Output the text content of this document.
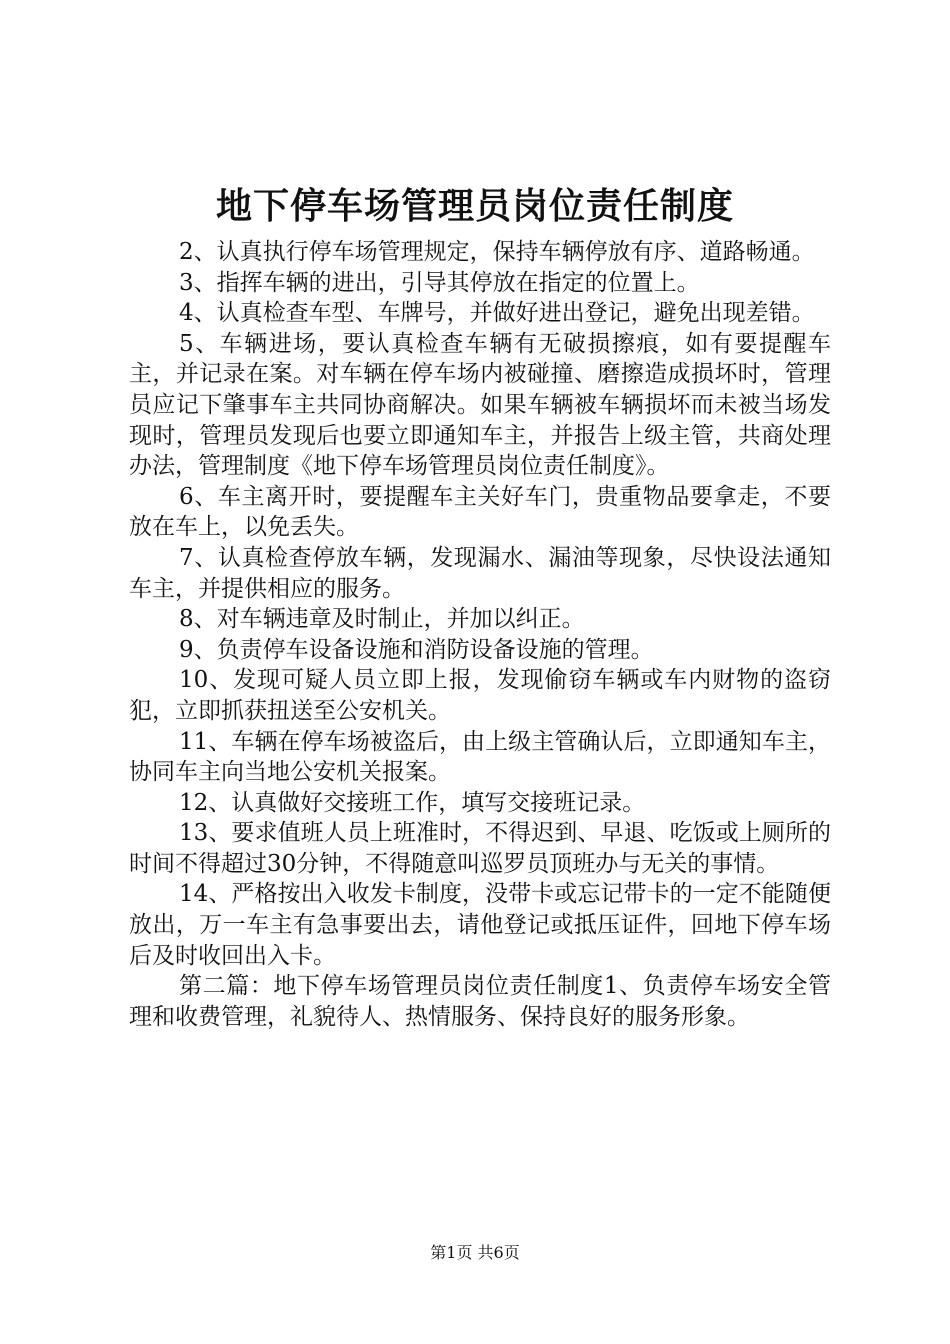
地下停车场管理员岗位责任制度

2、认真执行停车场管理规定，保持车辆停放有序、道路畅通。

3、指挥车辆的进出，引导其停放在指定的位置上。

4、认真检查车型、车牌号，并做好进出登记，避免出现差错。

5、车辆进场，要认真检查车辆有无破损擦痕，如有要提醒车主，并记录在案。对车辆在停车场内被碰撞、磨擦造成损坏时，管理员应记下肇事车主共同协商解决。如果车辆被车辆损坏而未被当场发现时，管理员发现后也要立即通知车主，并报告上级主管，共商处理办法，管理制度《地下停车场管理员岗位责任制度》。

6、车主离开时，要提醒车主关好车门，贵重物品要拿走，不要放在车上，以免丢失。

7、认真检查停放车辆，发现漏水、漏油等现象，尽快设法通知车主，并提供相应的服务。

8、对车辆违章及时制止，并加以纠正。

9、负责停车设备设施和消防设备设施的管理。

10、发现可疑人员立即上报，发现偷窃车辆或车内财物的盗窃犯，立即抓获扭送至公安机关。

11、车辆在停车场被盗后，由上级主管确认后，立即通知车主，协同车主向当地公安机关报案。

12、认真做好交接班工作，填写交接班记录。

13、要求值班人员上班准时，不得迟到、早退、吃饭或上厕所的时间不得超过30分钟，不得随意叫巡罗员顶班办与无关的事情。

14、严格按出入收发卡制度，没带卡或忘记带卡的一定不能随便放出，万一车主有急事要出去，请他登记或抵压证件，回地下停车场后及时收回出入卡。

第二篇：地下停车场管理员岗位责任制度1、负责停车场安全管理和收费管理，礼貌待人、热情服务、保持良好的服务形象。

第1页 共6页
